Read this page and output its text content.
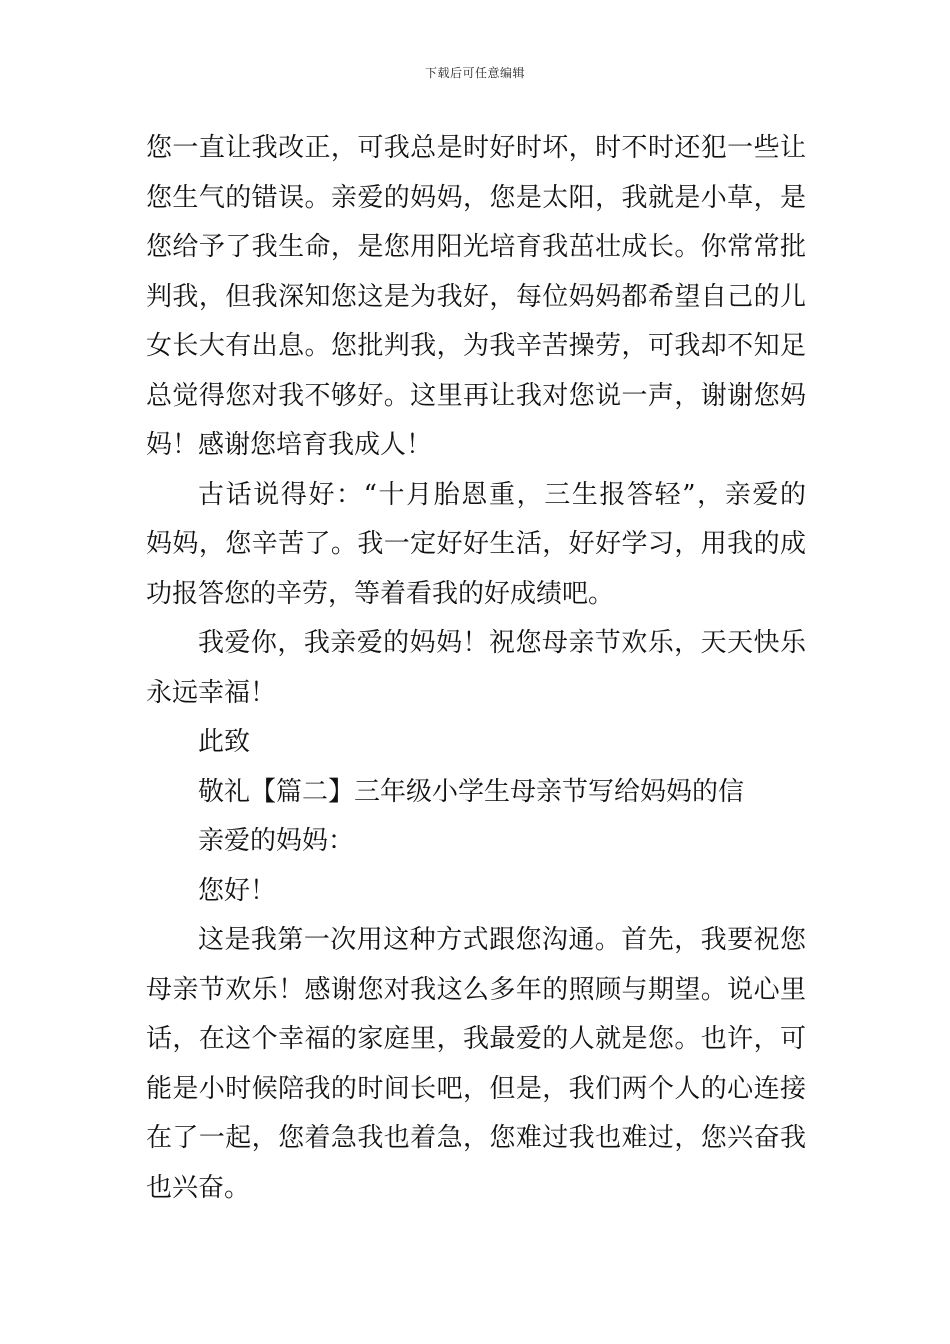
下载后可任意编辑
您一直让我改正，可我总是时好时坏，时不时还犯一些让
您生气的错误。亲爱的妈妈，您是太阳，我就是小草，是
您给予了我生命，是您用阳光培育我茁壮成长。你常常批
判我，但我深知您这是为我好，每位妈妈都希望自己的儿
女长大有出息。您批判我，为我辛苦操劳，可我却不知足
总觉得您对我不够好。这里再让我对您说一声，谢谢您妈
妈！感谢您培育我成人！
古话说得好：“十月胎恩重，三生报答轻”，亲爱的
妈妈，您辛苦了。我一定好好生活，好好学习，用我的成
功报答您的辛劳，等着看我的好成绩吧。
我爱你，我亲爱的妈妈！祝您母亲节欢乐，天天快乐
永远幸福！
此致
敬礼【篇二】三年级小学生母亲节写给妈妈的信
亲爱的妈妈：
您好！
这是我第一次用这种方式跟您沟通。首先，我要祝您
母亲节欢乐！感谢您对我这么多年的照顾与期望。说心里
话，在这个幸福的家庭里，我最爱的人就是您。也许，可
能是小时候陪我的时间长吧，但是，我们两个人的心连接
在了一起，您着急我也着急，您难过我也难过，您兴奋我
也兴奋。
